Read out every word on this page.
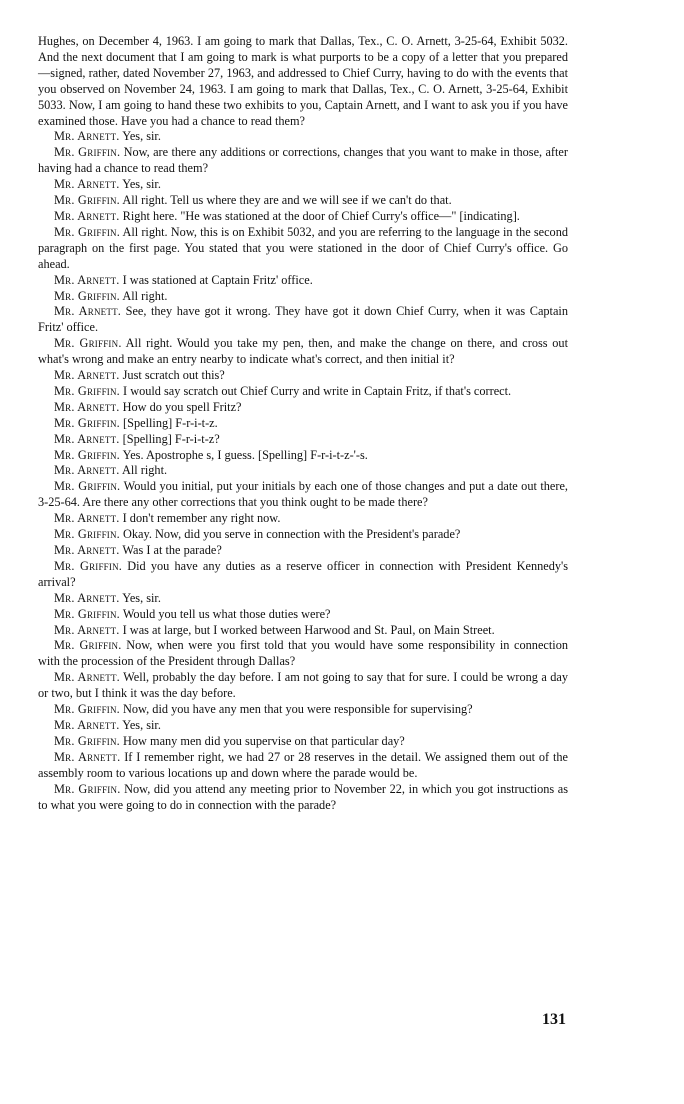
Hughes, on December 4, 1963. I am going to mark that Dallas, Tex., C. O. Arnett, 3-25-64, Exhibit 5032. And the next document that I am going to mark is what purports to be a copy of a letter that you prepared—signed, rather, dated November 27, 1963, and addressed to Chief Curry, having to do with the events that you observed on November 24, 1963. I am going to mark that Dallas, Tex., C. O. Arnett, 3-25-64, Exhibit 5033. Now, I am going to hand these two exhibits to you, Captain Arnett, and I want to ask you if you have examined those. Have you had a chance to read them?

Mr. Arnett. Yes, sir.

Mr. Griffin. Now, are there any additions or corrections, changes that you want to make in those, after having had a chance to read them?

Mr. Arnett. Yes, sir.

Mr. Griffin. All right. Tell us where they are and we will see if we can't do that.

Mr. Arnett. Right here. "He was stationed at the door of Chief Curry's office—" [indicating].

Mr. Griffin. All right. Now, this is on Exhibit 5032, and you are referring to the language in the second paragraph on the first page. You stated that you were stationed in the door of Chief Curry's office. Go ahead.

Mr. Arnett. I was stationed at Captain Fritz' office.

Mr. Griffin. All right.

Mr. Arnett. See, they have got it wrong. They have got it down Chief Curry, when it was Captain Fritz' office.

Mr. Griffin. All right. Would you take my pen, then, and make the change on there, and cross out what's wrong and make an entry nearby to indicate what's correct, and then initial it?

Mr. Arnett. Just scratch out this?

Mr. Griffin. I would say scratch out Chief Curry and write in Captain Fritz, if that's correct.

Mr. Arnett. How do you spell Fritz?

Mr. Griffin. [Spelling] F-r-i-t-z.

Mr. Arnett. [Spelling] F-r-i-t-z?

Mr. Griffin. Yes. Apostrophe s, I guess. [Spelling] F-r-i-t-z-'-s.

Mr. Arnett. All right.

Mr. Griffin. Would you initial, put your initials by each one of those changes and put a date out there, 3-25-64. Are there any other corrections that you think ought to be made there?

Mr. Arnett. I don't remember any right now.

Mr. Griffin. Okay. Now, did you serve in connection with the President's parade?

Mr. Arnett. Was I at the parade?

Mr. Griffin. Did you have any duties as a reserve officer in connection with President Kennedy's arrival?

Mr. Arnett. Yes, sir.

Mr. Griffin. Would you tell us what those duties were?

Mr. Arnett. I was at large, but I worked between Harwood and St. Paul, on Main Street.

Mr. Griffin. Now, when were you first told that you would have some responsibility in connection with the procession of the President through Dallas?

Mr. Arnett. Well, probably the day before. I am not going to say that for sure. I could be wrong a day or two, but I think it was the day before.

Mr. Griffin. Now, did you have any men that you were responsible for supervising?

Mr. Arnett. Yes, sir.

Mr. Griffin. How many men did you supervise on that particular day?

Mr. Arnett. If I remember right, we had 27 or 28 reserves in the detail. We assigned them out of the assembly room to various locations up and down where the parade would be.

Mr. Griffin. Now, did you attend any meeting prior to November 22, in which you got instructions as to what you were going to do in connection with the parade?

131
